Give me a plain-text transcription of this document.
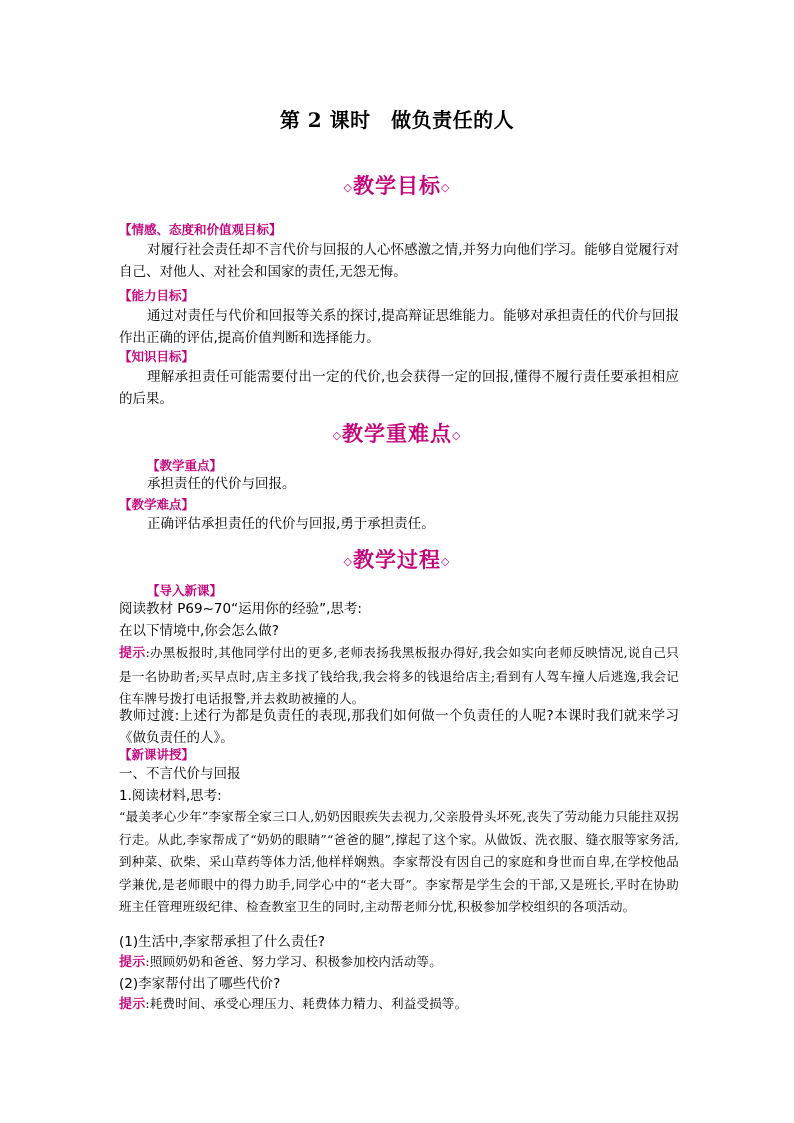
第 2 课时　做负责任的人
◇教学目标◇
【情感、态度和价值观目标】
对履行社会责任却不言代价与回报的人心怀感激之情,并努力向他们学习。能够自觉履行对自己、对他人、对社会和国家的责任,无怨无悔。
【能力目标】
通过对责任与代价和回报等关系的探讨,提高辩证思维能力。能够对承担责任的代价与回报作出正确的评估,提高价值判断和选择能力。
【知识目标】
理解承担责任可能需要付出一定的代价,也会获得一定的回报,懂得不履行责任要承担相应的后果。
◇教学重难点◇
【教学重点】
承担责任的代价与回报。
【教学难点】
正确评估承担责任的代价与回报,勇于承担责任。
◇教学过程◇
【导入新课】
阅读教材 P69~70“运用你的经验”,思考:
在以下情境中,你会怎么做?
提示:办黑板报时,其他同学付出的更多,老师表扬我黑板报办得好,我会如实向老师反映情况,说自己只是一名协助者;买早点时,店主多找了钱给我,我会将多的钱退给店主;看到有人驾车撞人后逃逸,我会记住车牌号拨打电话报警,并去救助被撞的人。
教师过渡:上述行为都是负责任的表现,那我们如何做一个负责任的人呢?本课时我们就来学习《做负责任的人》。
【新课讲授】
一、不言代价与回报
1.阅读材料,思考:
“最美孝心少年”李家帮全家三口人,奶奶因眼疾失去视力,父亲股骨头坏死,丧失了劳动能力只能拄双拐行走。从此,李家帮成了“奶奶的眼睛”“爸爸的腿”,撑起了这个家。从做饭、洗衣服、缝衣服等家务活,到种菜、砍柴、采山草药等体力活,他样样娴熟。李家帮没有因自己的家庭和身世而自卑,在学校他品学兼优,是老师眼中的得力助手,同学心中的“老大哥”。李家帮是学生会的干部,又是班长,平时在协助班主任管理班级纪律、检查教室卫生的同时,主动帮老师分忧,积极参加学校组织的各项活动。
(1)生活中,李家帮承担了什么责任?
提示:照顾奶奶和爸爸、努力学习、积极参加校内活动等。
(2)李家帮付出了哪些代价?
提示:耗费时间、承受心理压力、耗费体力精力、利益受损等。
